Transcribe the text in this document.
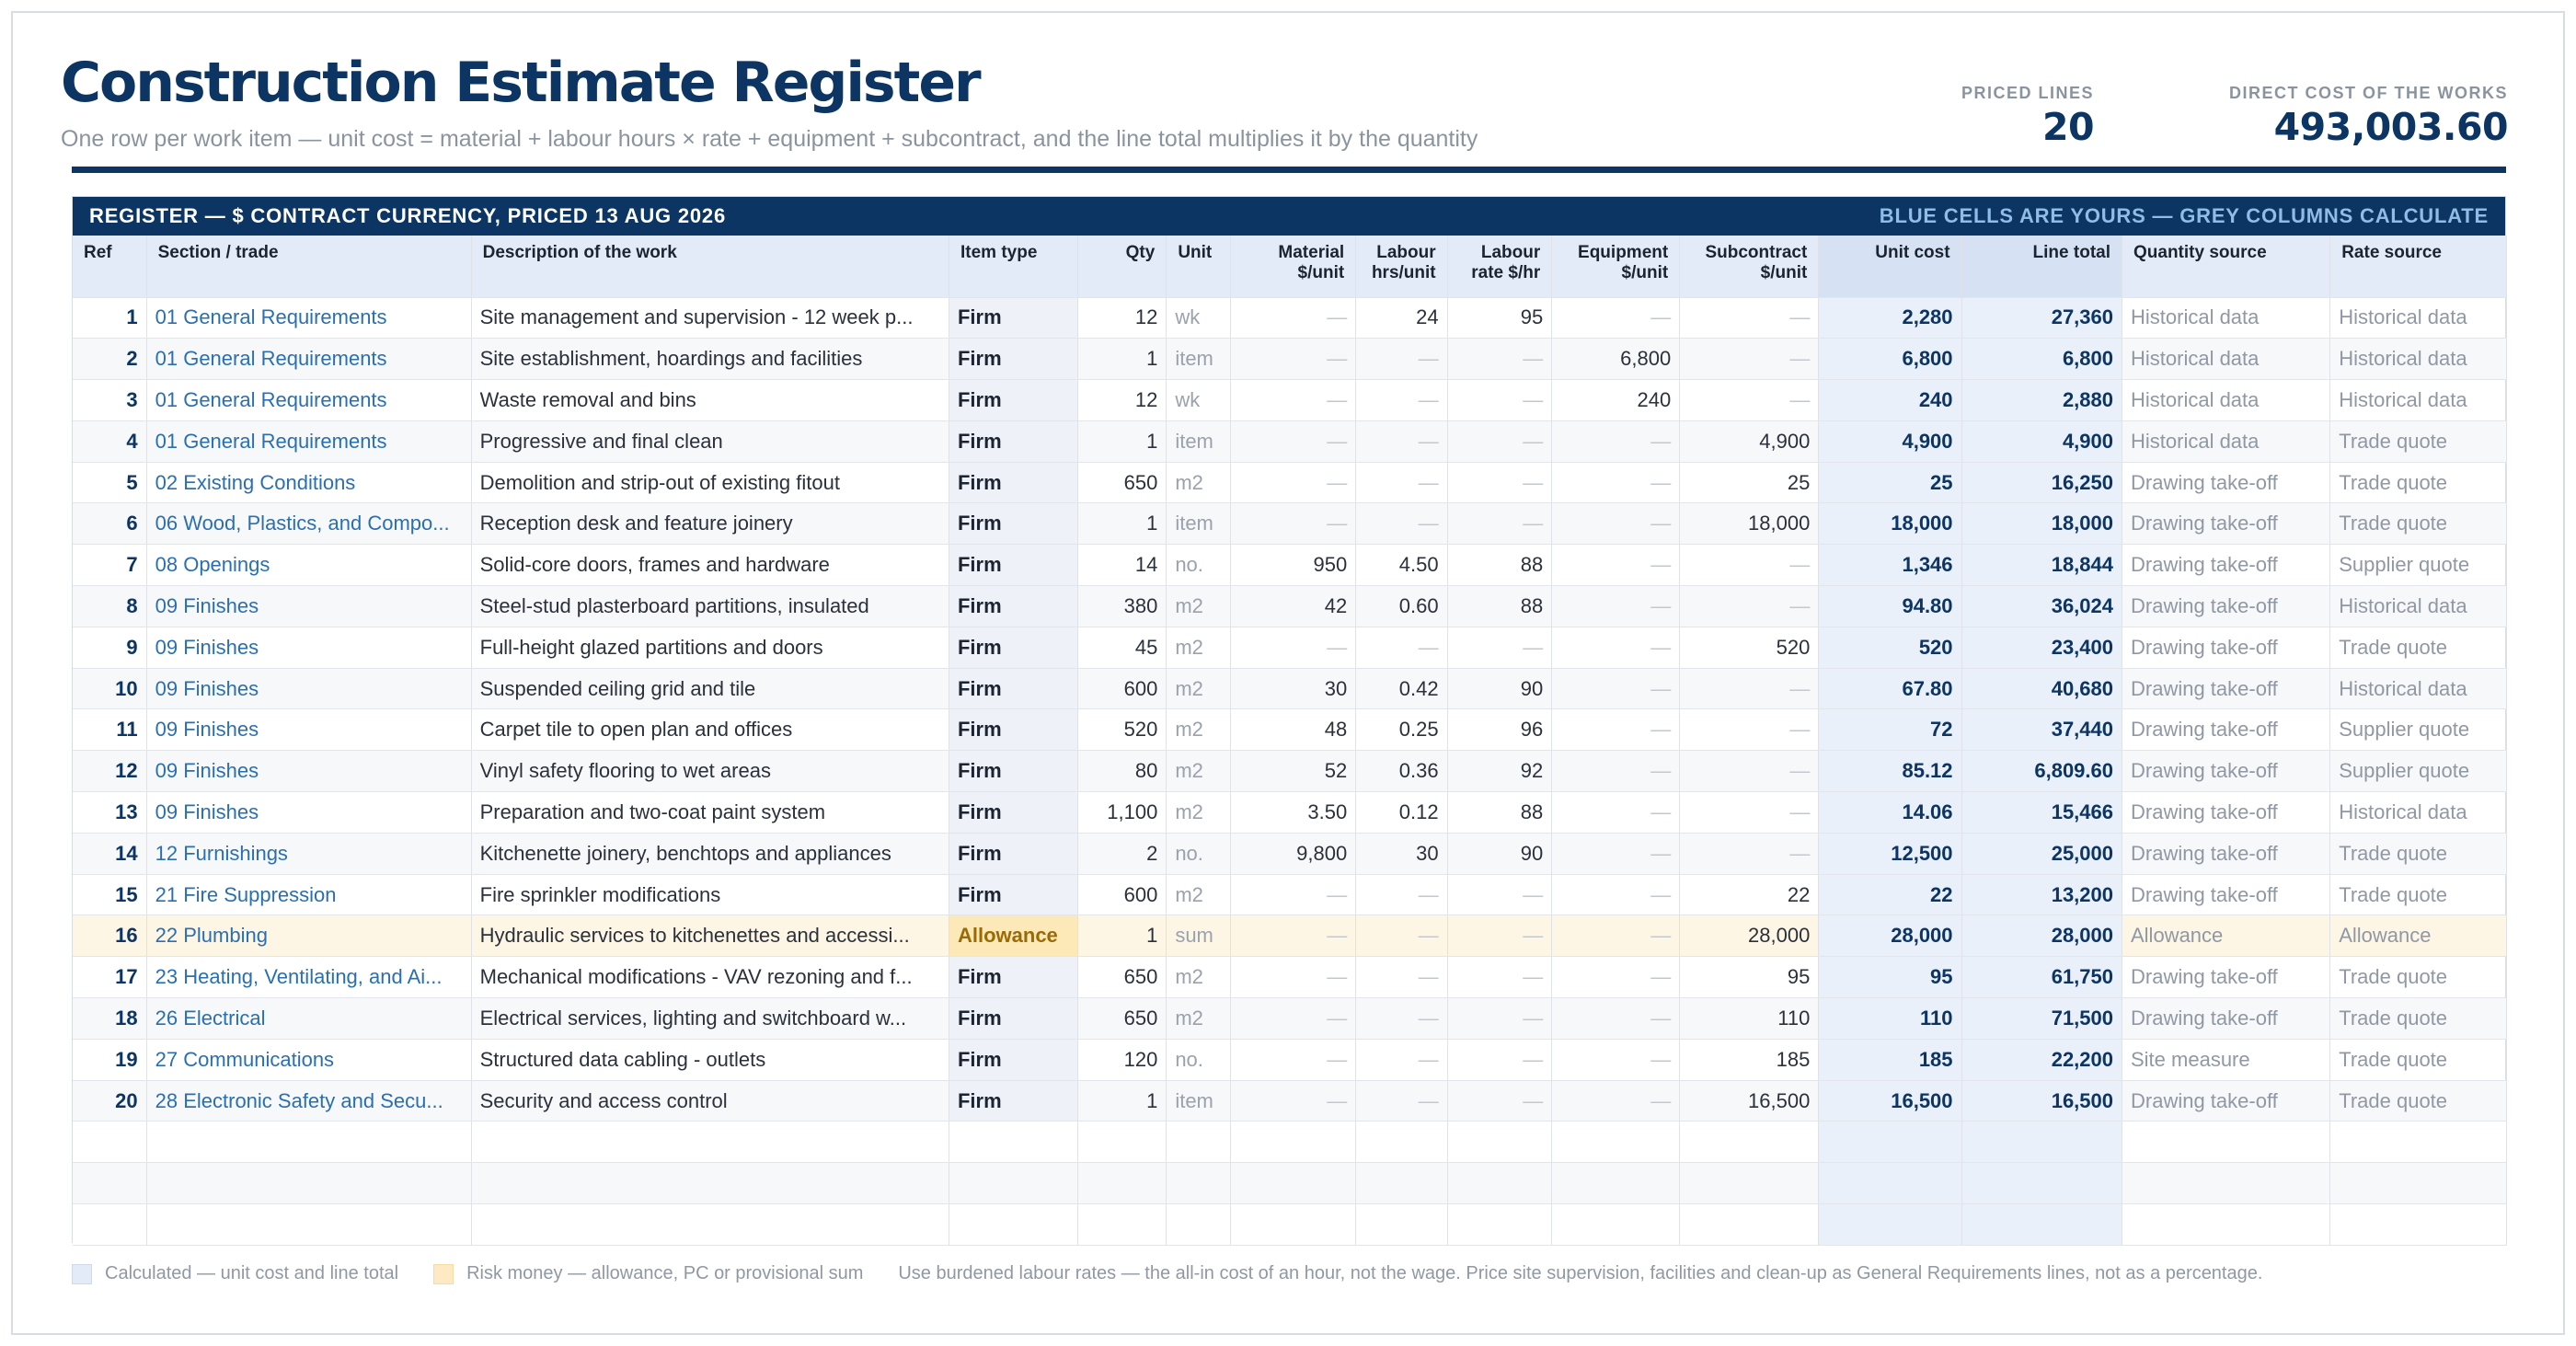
Construction Estimate Register
One row per work item — unit cost = material + labour hours × rate + equipment + subcontract, and the line total multiplies it by the quantity
PRICED LINES
20
DIRECT COST OF THE WORKS
493,003.60
REGISTER — $ CONTRACT CURRENCY, PRICED 13 AUG 2026	BLUE CELLS ARE YOURS — GREY COLUMNS CALCULATE
Ref	Section / trade	Description of the work	Item type	Qty	Unit	Material $/unit	Labour hrs/unit	Labour rate $/hr	Equipment $/unit	Subcontract $/unit	Unit cost	Line total	Quantity source	Rate source
1	01 General Requirements	Site management and supervision - 12 week p...	Firm	12	wk	—	24	95	—	—	2,280	27,360	Historical data	Historical data
2	01 General Requirements	Site establishment, hoardings and facilities	Firm	1	item	—	—	—	6,800	—	6,800	6,800	Historical data	Historical data
3	01 General Requirements	Waste removal and bins	Firm	12	wk	—	—	—	240	—	240	2,880	Historical data	Historical data
4	01 General Requirements	Progressive and final clean	Firm	1	item	—	—	—	—	4,900	4,900	4,900	Historical data	Trade quote
5	02 Existing Conditions	Demolition and strip-out of existing fitout	Firm	650	m2	—	—	—	—	25	25	16,250	Drawing take-off	Trade quote
6	06 Wood, Plastics, and Compo...	Reception desk and feature joinery	Firm	1	item	—	—	—	—	18,000	18,000	18,000	Drawing take-off	Trade quote
7	08 Openings	Solid-core doors, frames and hardware	Firm	14	no.	950	4.50	88	—	—	1,346	18,844	Drawing take-off	Supplier quote
8	09 Finishes	Steel-stud plasterboard partitions, insulated	Firm	380	m2	42	0.60	88	—	—	94.80	36,024	Drawing take-off	Historical data
9	09 Finishes	Full-height glazed partitions and doors	Firm	45	m2	—	—	—	—	520	520	23,400	Drawing take-off	Trade quote
10	09 Finishes	Suspended ceiling grid and tile	Firm	600	m2	30	0.42	90	—	—	67.80	40,680	Drawing take-off	Historical data
11	09 Finishes	Carpet tile to open plan and offices	Firm	520	m2	48	0.25	96	—	—	72	37,440	Drawing take-off	Supplier quote
12	09 Finishes	Vinyl safety flooring to wet areas	Firm	80	m2	52	0.36	92	—	—	85.12	6,809.60	Drawing take-off	Supplier quote
13	09 Finishes	Preparation and two-coat paint system	Firm	1,100	m2	3.50	0.12	88	—	—	14.06	15,466	Drawing take-off	Historical data
14	12 Furnishings	Kitchenette joinery, benchtops and appliances	Firm	2	no.	9,800	30	90	—	—	12,500	25,000	Drawing take-off	Trade quote
15	21 Fire Suppression	Fire sprinkler modifications	Firm	600	m2	—	—	—	—	22	22	13,200	Drawing take-off	Trade quote
16	22 Plumbing	Hydraulic services to kitchenettes and accessi...	Allowance	1	sum	—	—	—	—	28,000	28,000	28,000	Allowance	Allowance
17	23 Heating, Ventilating, and Ai...	Mechanical modifications - VAV rezoning and f...	Firm	650	m2	—	—	—	—	95	95	61,750	Drawing take-off	Trade quote
18	26 Electrical	Electrical services, lighting and switchboard w...	Firm	650	m2	—	—	—	—	110	110	71,500	Drawing take-off	Trade quote
19	27 Communications	Structured data cabling - outlets	Firm	120	no.	—	—	—	—	185	185	22,200	Site measure	Trade quote
20	28 Electronic Safety and Secu...	Security and access control	Firm	1	item	—	—	—	—	16,500	16,500	16,500	Drawing take-off	Trade quote

Calculated — unit cost and line total	Risk money — allowance, PC or provisional sum Use burdened labour rates — the all-in cost of an hour, not the wage. Price site supervision, facilities and clean-up as General Requirements lines, not as a percentage.
